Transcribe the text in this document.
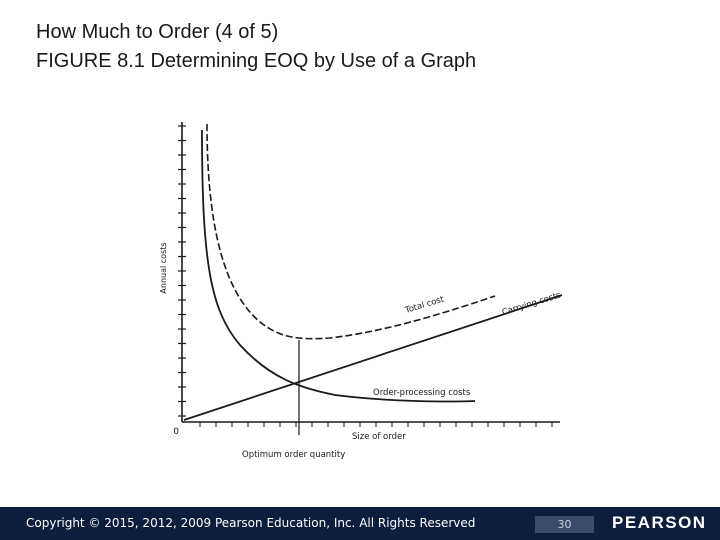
How Much to Order (4 of 5)
FIGURE 8.1 Determining EOQ by Use of a Graph
Annual costs
Total cost	Carrying costs
Order-processing costs
0	Size of order
Optimum order quantity
Copyright © 2015, 2012, 2009 Pearson Education, Inc. All Rights Reserved	30	PEARSON
